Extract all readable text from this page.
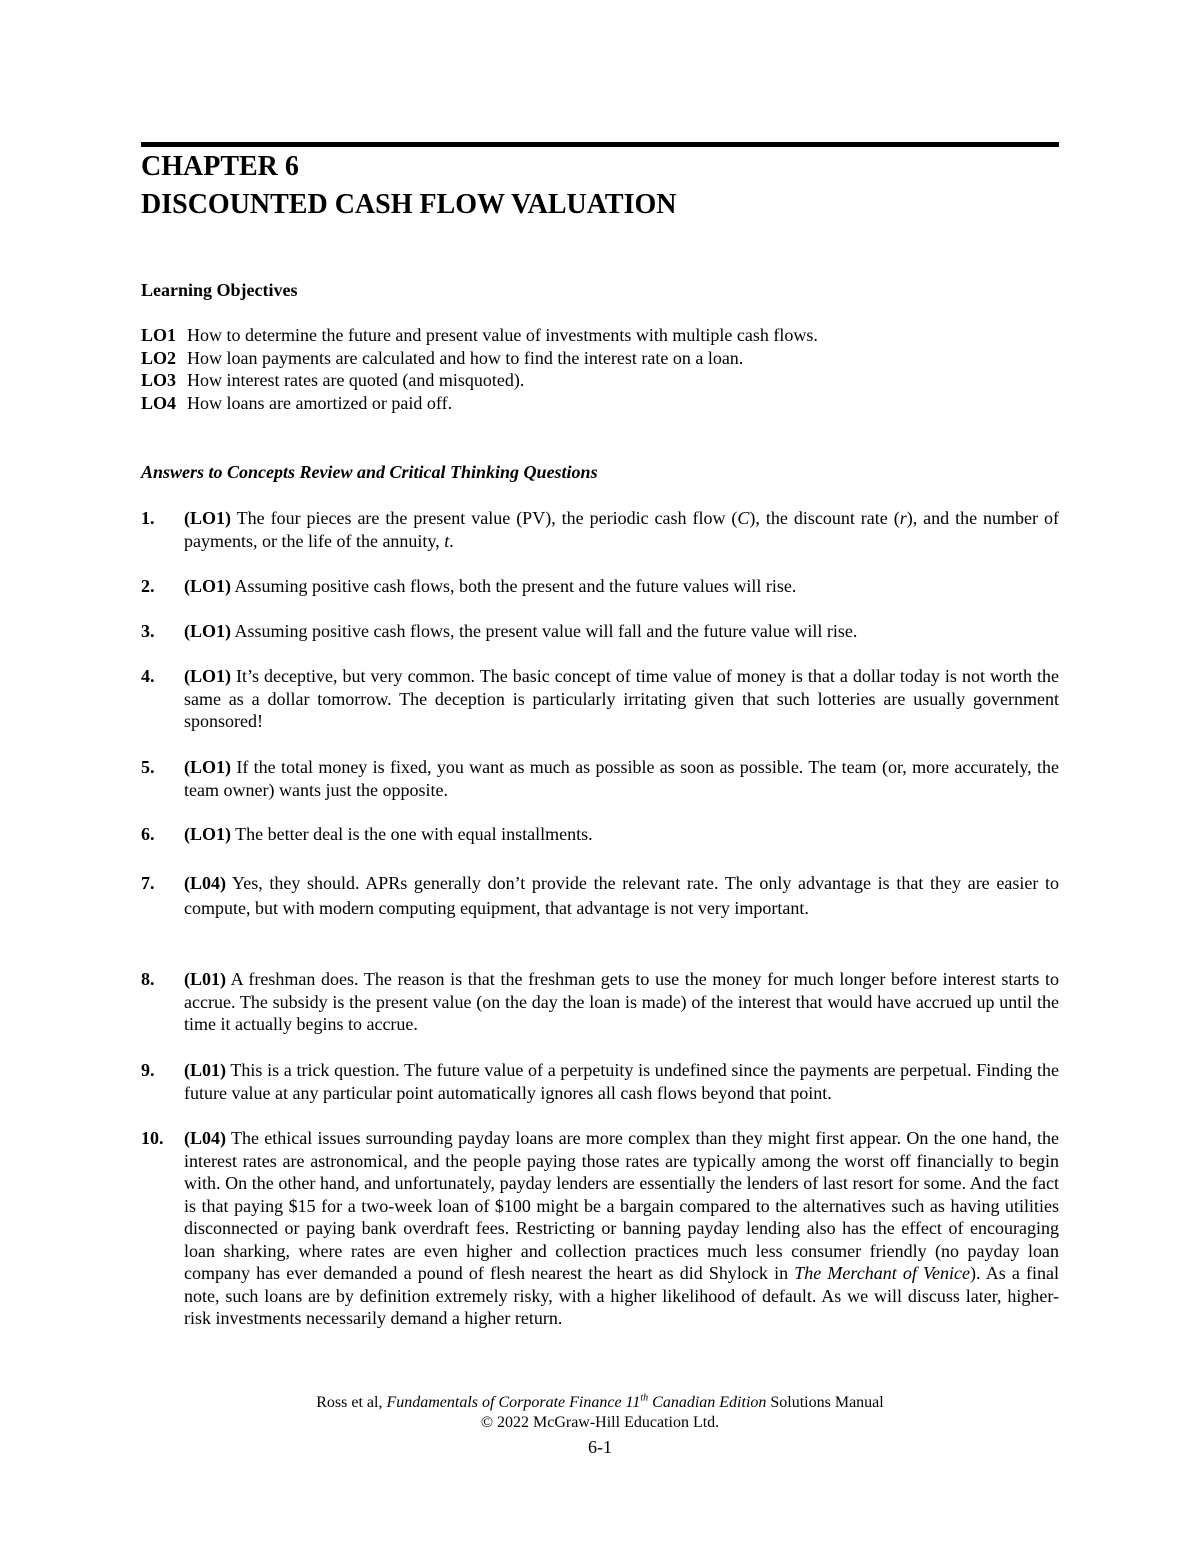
CHAPTER 6
DISCOUNTED CASH FLOW VALUATION
Learning Objectives
LO1 How to determine the future and present value of investments with multiple cash flows.
LO2 How loan payments are calculated and how to find the interest rate on a loan.
LO3 How interest rates are quoted (and misquoted).
LO4 How loans are amortized or paid off.
Answers to Concepts Review and Critical Thinking Questions
1. (LO1) The four pieces are the present value (PV), the periodic cash flow (C), the discount rate (r), and the number of payments, or the life of the annuity, t.
2. (LO1) Assuming positive cash flows, both the present and the future values will rise.
3. (LO1) Assuming positive cash flows, the present value will fall and the future value will rise.
4. (LO1) It’s deceptive, but very common. The basic concept of time value of money is that a dollar today is not worth the same as a dollar tomorrow. The deception is particularly irritating given that such lotteries are usually government sponsored!
5. (LO1) If the total money is fixed, you want as much as possible as soon as possible. The team (or, more accurately, the team owner) wants just the opposite.
6. (LO1) The better deal is the one with equal installments.
7. (L04) Yes, they should. APRs generally don’t provide the relevant rate. The only advantage is that they are easier to compute, but with modern computing equipment, that advantage is not very important.
8. (L01) A freshman does. The reason is that the freshman gets to use the money for much longer before interest starts to accrue. The subsidy is the present value (on the day the loan is made) of the interest that would have accrued up until the time it actually begins to accrue.
9. (L01) This is a trick question. The future value of a perpetuity is undefined since the payments are perpetual. Finding the future value at any particular point automatically ignores all cash flows beyond that point.
10. (L04) The ethical issues surrounding payday loans are more complex than they might first appear. On the one hand, the interest rates are astronomical, and the people paying those rates are typically among the worst off financially to begin with. On the other hand, and unfortunately, payday lenders are essentially the lenders of last resort for some. And the fact is that paying $15 for a two-week loan of $100 might be a bargain compared to the alternatives such as having utilities disconnected or paying bank overdraft fees. Restricting or banning payday lending also has the effect of encouraging loan sharking, where rates are even higher and collection practices much less consumer friendly (no payday loan company has ever demanded a pound of flesh nearest the heart as did Shylock in The Merchant of Venice). As a final note, such loans are by definition extremely risky, with a higher likelihood of default. As we will discuss later, higher-risk investments necessarily demand a higher return.
Ross et al, Fundamentals of Corporate Finance 11th Canadian Edition Solutions Manual
© 2022 McGraw-Hill Education Ltd.
6-1
